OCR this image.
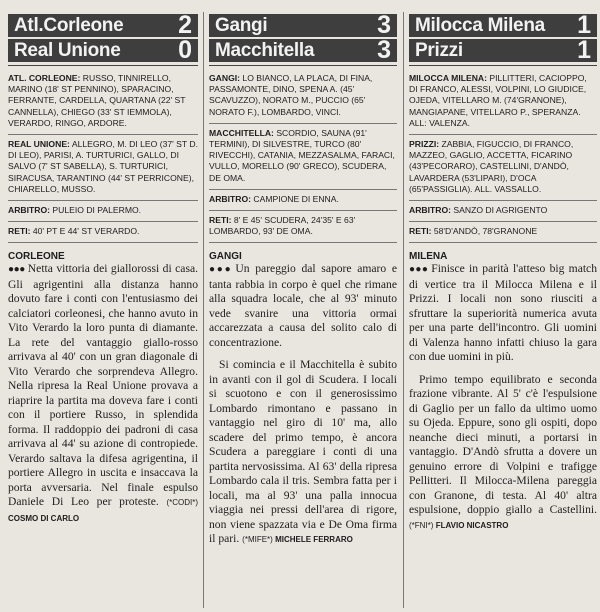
Atl.Corleone 2
Real Unione 0
ATL. CORLEONE: RUSSO, TINNIRELLO, MARINO (18' ST PENNINO), SPARACINO, FERRANTE, CARDELLA, QUARTANA (22' ST CANNELLA), CHIEGO (33' ST IEMMOLA), VERARDO, RINGO, ARDORE.
REAL UNIONE: ALLEGRO, M. DI LEO (37' ST D. DI LEO), PARISI, A. TURTURICI, GALLO, DI SALVO (7' ST SABELLA), S. TURTURICI, SIRACUSA, TARANTINO (44' ST PERRICONE), CHIARELLO, MUSSO.
ARBITRO: PULEIO DI PALERMO.
RETI: 40' PT E 44' ST VERARDO.
CORLEONE

●●● Netta vittoria dei giallorossi di casa. Gli agrigentini alla distanza hanno dovuto fare i conti con l'entusiasmo dei calciatori corleonesi, che hanno avuto in Vito Verardo la loro punta di diamante. La rete del vantaggio giallo-rosso arrivava al 40' con un gran diagonale di Vito Verardo che sorprendeva Allegro. Nella ripresa la Real Unione provava a riaprire la partita ma doveva fare i conti con il portiere Russo, in splendida forma. Il raddoppio dei padroni di casa arrivava al 44' su azione di contropiede. Verardo saltava la difesa agrigentina, il portiere Allegro in uscita e insaccava la porta avversaria. Nel finale espulso Daniele Di Leo per proteste. (*CODI*) COSMO DI CARLO

Gangi	3
Macchitella	3
GANGI: LO BIANCO, LA PLACA, DI FINA, PASSAMONTE, DINO, SPENA A. (45' SCAVUZZO), NORATO M., PUCCIO (65' NORATO F.), LOMBARDO, VINCI.
MACCHITELLA: SCORDIO, SAUNA (91' TERMINI), DI SILVESTRE, TURCO (80' RIVECCHI), CATANIA, MEZZASALMA, FARACI, VULLO, MORELLO (90' GRECO), SCUDERA, DE OMA.
ARBITRO: CAMPIONE DI ENNA.
RETI: 8' E 45' SCUDERA, 24'35' E 63' LOMBARDO, 93' DE OMA.
GANGI

●●● Un pareggio dal sapore amaro e tanta rabbia in corpo è quel che rimane alla squadra locale, che al 93' minuto vede svanire una vittoria ormai accarezzata a causa del solito calo di concentrazione.

Si comincia e il Macchitella è subito in avanti con il gol di Scudera. I locali si scuotono e con il generosissimo Lombardo rimontano e passano in vantaggio nel giro di 10' ma, allo scadere del primo tempo, è ancora Scudera a pareggiare i conti di una partita nervosissima. Al 63' della ripresa Lombardo cala il tris. Sembra fatta per i locali, ma al 93' una palla innocua viaggia nei pressi dell'area di rigore, non viene spazzata via e De Oma firma il pari. (*MIFE*) MICHELE FERRARO

Milocca Milena 1
Prizzi	1
MILOCCA MILENA: PILLITTERI, CACIOPPO, DI FRANCO, ALESSI, VOLPINI, LO GIUDICE, OJEDA, VITELLARO M. (74'GRANONE), MANGIAPANE, VITELLARO P., SPERANZA. ALL: VALENZA.
PRIZZI: ZABBIA, FIGUCCIO, DI FRANCO, MAZZEO, GAGLIO, ACCETTA, FICARINO (43'PECORARO), CASTELLINI, D'ANDÒ, LAVARDERA (53'LIPARI), D'OCA (65'PASSIGLIA). ALL. VASSALLO.
ARBITRO: SANZO DI AGRIGENTO
RETI: 58'D'ANDÒ, 78'GRANONE
MILENA

●●● Finisce in parità l'atteso big match di vertice tra il Milocca Milena e il Prizzi. I locali non sono riusciti a sfruttare la superiorità numerica avuta per una parte dell'incontro. Gli uomini di Valenza hanno infatti chiuso la gara con due uomini in più.

Primo tempo equilibrato e seconda frazione vibrante. Al 5' c'è l'espulsione di Gaglio per un fallo da ultimo uomo su Ojeda. Eppure, sono gli ospiti, dopo neanche dieci minuti, a portarsi in vantaggio. D'Andò sfrutta a dovere un genuino errore di Volpini e trafigge Pellitteri. Il Milocca-Milena pareggia con Granone, di testa. Al 40' altra espulsione, doppio giallo a Castellini. (*FNI*) FLAVIO NICASTRO
